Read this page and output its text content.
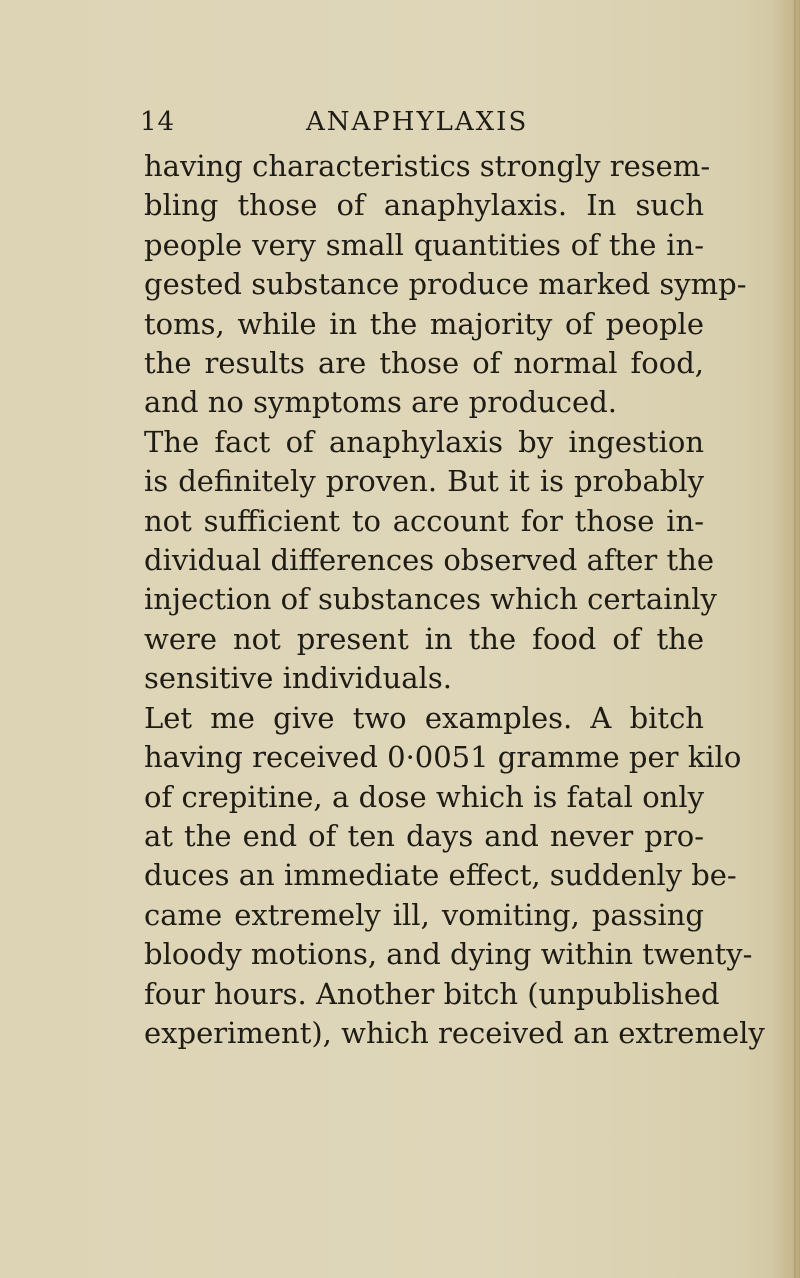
14	ANAPHYLAXIS
having characteristics strongly resem-
bling those of anaphylaxis. In such
people very small quantities of the in-
gested substance produce marked symp-
toms, while in the majority of people
the results are those of normal food,
and no symptoms are produced.
The fact of anaphylaxis by ingestion
is definitely proven. But it is probably
not sufficient to account for those in-
dividual differences observed after the
injection of substances which certainly
were not present in the food of the
sensitive individuals.
Let me give two examples. A bitch
having received 0·0051 gramme per kilo
of crepitine, a dose which is fatal only
at the end of ten days and never pro-
duces an immediate effect, suddenly be-
came extremely ill, vomiting, passing
bloody motions, and dying within twenty-
four hours. Another bitch (unpublished
experiment), which received an extremely
